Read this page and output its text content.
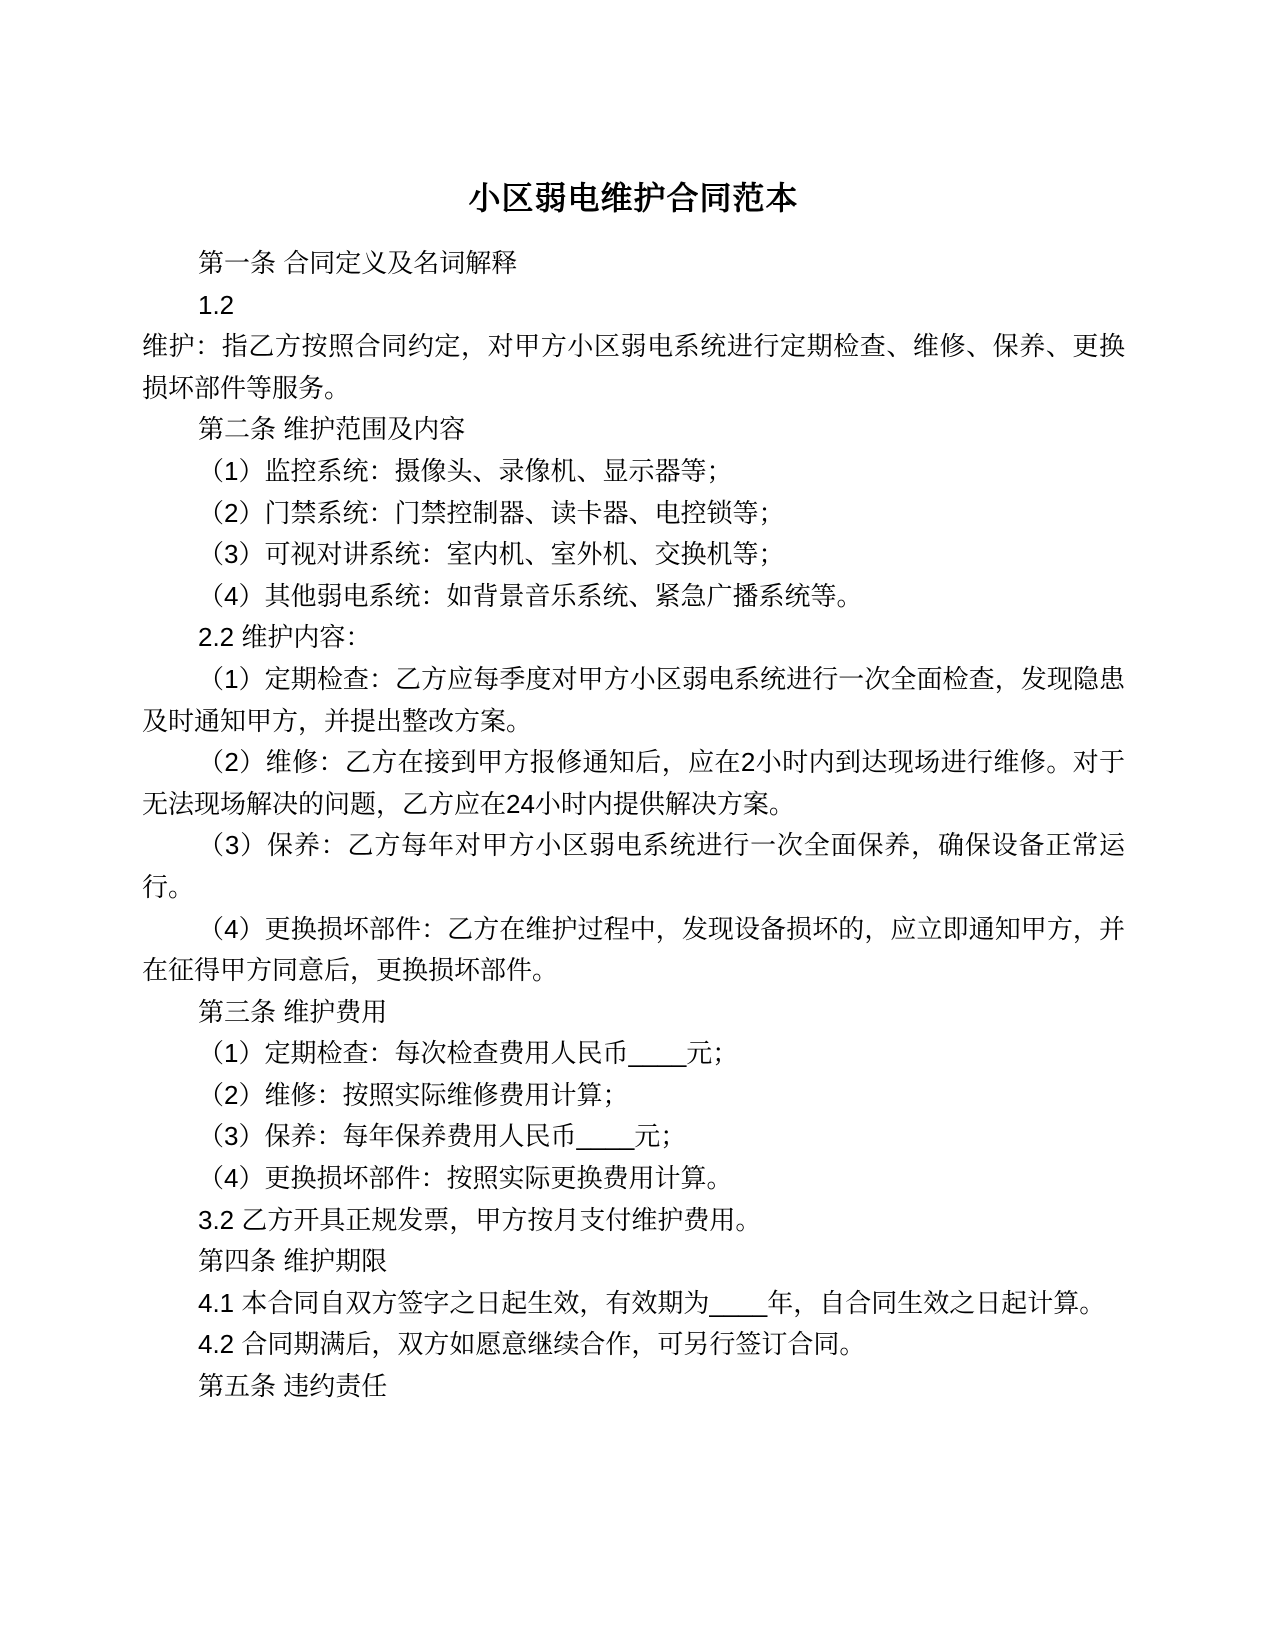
小区弱电维护合同范本

第一条 合同定义及名词解释

1.2

维护：指乙方按照合同约定，对甲方小区弱电系统进行定期检查、维修、保养、更换损坏部件等服务。

第二条 维护范围及内容

（1）监控系统：摄像头、录像机、显示器等；

（2）门禁系统：门禁控制器、读卡器、电控锁等；

（3）可视对讲系统：室内机、室外机、交换机等；

（4）其他弱电系统：如背景音乐系统、紧急广播系统等。

2.2 维护内容：

（1）定期检查：乙方应每季度对甲方小区弱电系统进行一次全面检查，发现隐患及时通知甲方，并提出整改方案。

（2）维修：乙方在接到甲方报修通知后，应在2小时内到达现场进行维修。对于无法现场解决的问题，乙方应在24小时内提供解决方案。

（3）保养：乙方每年对甲方小区弱电系统进行一次全面保养，确保设备正常运行。

（4）更换损坏部件：乙方在维护过程中，发现设备损坏的，应立即通知甲方，并在征得甲方同意后，更换损坏部件。

第三条 维护费用

（1）定期检查：每次检查费用人民币____元；

（2）维修：按照实际维修费用计算；

（3）保养：每年保养费用人民币____元；

（4）更换损坏部件：按照实际更换费用计算。

3.2 乙方开具正规发票，甲方按月支付维护费用。

第四条 维护期限

4.1 本合同自双方签字之日起生效，有效期为____年，自合同生效之日起计算。

4.2 合同期满后，双方如愿意继续合作，可另行签订合同。

第五条 违约责任
